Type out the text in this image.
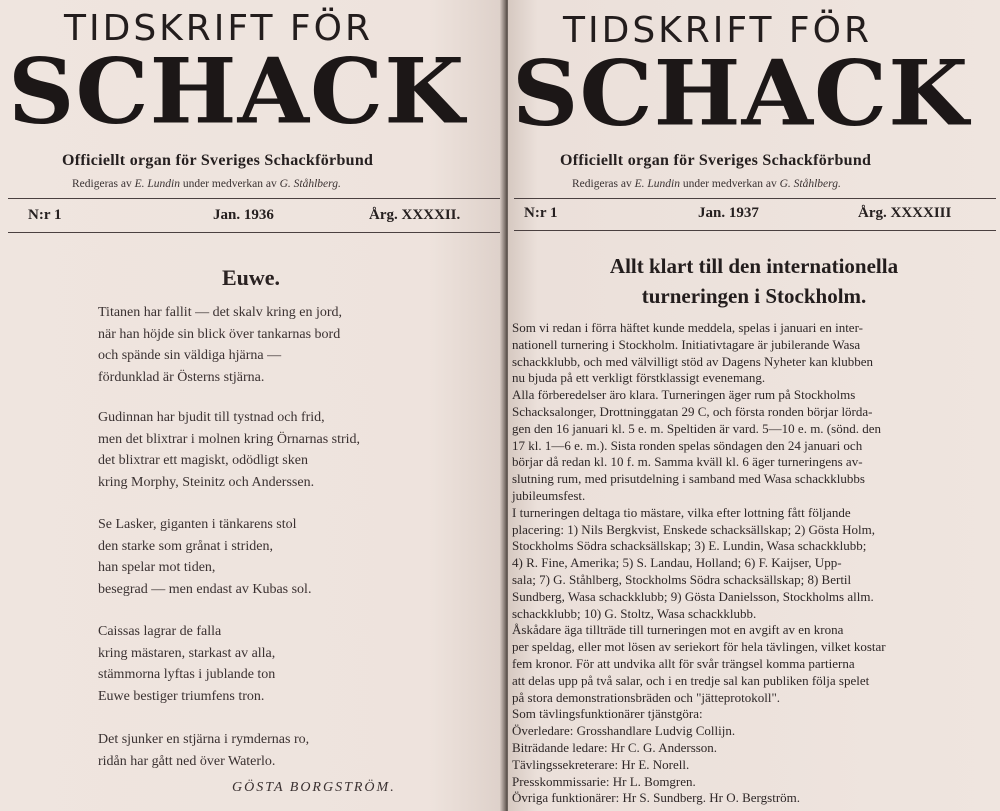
TIDSKRIFT FÖR
SCHACK
Officiellt organ för Sveriges Schackförbund
Redigeras av E. Lundin under medverkan av G. Ståhlberg.
N:r 1	Jan. 1936	Årg. XXXXII.
Euwe.
Titanen har fallit — det skalv kring en jord,
när han höjde sin blick över tankarnas bord
och spände sin väldiga hjärna —
fördunklad är Österns stjärna.
Gudinnan har bjudit till tystnad och frid,
men det blixtrar i molnen kring Örnarnas strid,
det blixtrar ett magiskt, odödligt sken
kring Morphy, Steinitz och Anderssen.
Se Lasker, giganten i tänkarens stol
den starke som grånat i striden,
han spelar mot tiden,
besegrad — men endast av Kubas sol.
Caissas lagrar de falla
kring mästaren, starkast av alla,
stämmorna lyftas i jublande ton
Euwe bestiger triumfens tron.
Det sjunker en stjärna i rymdernas ro,
ridån har gått ned över Waterlo.
GÖSTA BORGSTRÖM.
TIDSKRIFT FÖR
SCHACK
Officiellt organ för Sveriges Schackförbund
Redigeras av E. Lundin under medverkan av G. Ståhlberg.
N:r 1	Jan. 1937	Årg. XXXXIII
Allt klart till den internationella
turneringen i Stockholm.
Som vi redan i förra häftet kunde meddela, spelas i januari en inter-
nationell turnering i Stockholm. Initiativtagare är jubilerande Wasa
schackklubb, och med välvilligt stöd av Dagens Nyheter kan klubben
nu bjuda på ett verkligt förstklassigt evenemang.
Alla förberedelser äro klara. Turneringen äger rum på Stockholms
Schacksalonger, Drottninggatan 29 C, och första ronden börjar lörda-
gen den 16 januari kl. 5 e. m. Speltiden är vard. 5—10 e. m. (sönd. den
17 kl. 1—6 e. m.). Sista ronden spelas söndagen den 24 januari och
börjar då redan kl. 10 f. m. Samma kväll kl. 6 äger turneringens av-
slutning rum, med prisutdelning i samband med Wasa schackklubbs
jubileumsfest.
I turneringen deltaga tio mästare, vilka efter lottning fått följande
placering: 1) Nils Bergkvist, Enskede schacksällskap; 2) Gösta Holm,
Stockholms Södra schacksällskap; 3) E. Lundin, Wasa schackklubb;
4) R. Fine, Amerika; 5) S. Landau, Holland; 6) F. Kaijser, Upp-
sala; 7) G. Ståhlberg, Stockholms Södra schacksällskap; 8) Bertil
Sundberg, Wasa schackklubb; 9) Gösta Danielsson, Stockholms allm.
schackklubb; 10) G. Stoltz, Wasa schackklubb.
Åskådare äga tillträde till turneringen mot en avgift av en krona
per speldag, eller mot lösen av seriekort för hela tävlingen, vilket kostar
fem kronor. För att undvika allt för svår trängsel komma partierna
att delas upp på två salar, och i en tredje sal kan publiken följa spelet
på stora demonstrationsbräden och "jätteprotokoll".
Som tävlingsfunktionärer tjänstgöra:
Överledare: Grosshandlare Ludvig Collijn.
Biträdande ledare: Hr C. G. Andersson.
Tävlingssekreterare: Hr E. Norell.
Presskommissarie: Hr L. Bomgren.
Övriga funktionärer: Hr S. Sundberg. Hr O. Bergström.
